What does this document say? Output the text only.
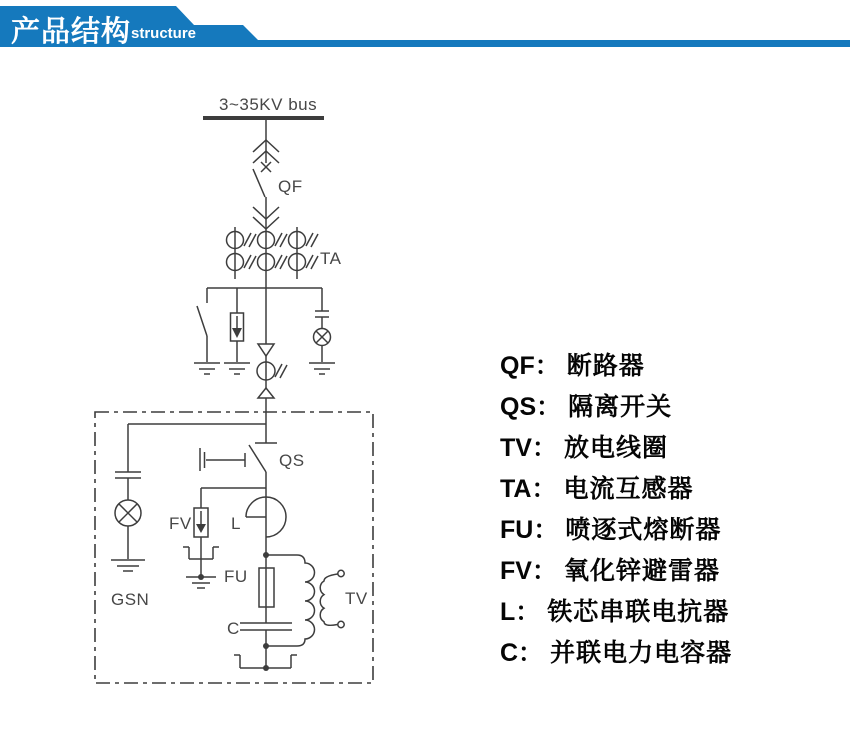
产品结构 structure
3~35KV bus
QF
TA
GSN
QS
FV L
FU
C
TV
QF： 断路器
QS： 隔离开关
TV： 放电线圈
TA： 电流互感器
FU： 喷逐式熔断器
FV： 氧化锌避雷器
L： 铁芯串联电抗器
C： 并联电力电容器
